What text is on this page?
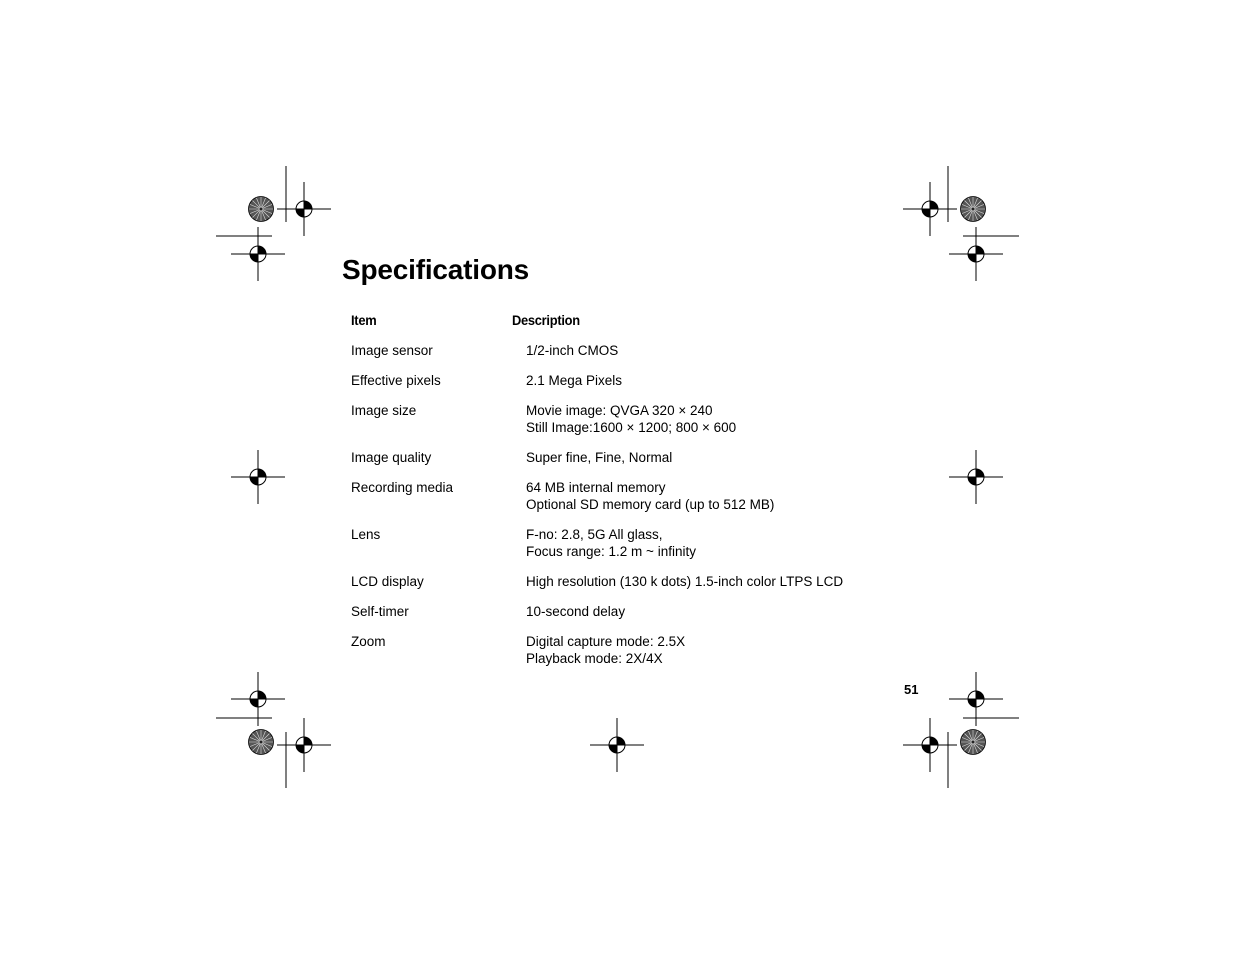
Specifications
Item	Description
Image sensor	1/2-inch CMOS
Effective pixels	2.1 Mega Pixels
Image size	Movie image: QVGA 320 × 240
Still Image:1600 × 1200; 800 × 600
Image quality	Super fine, Fine, Normal
Recording media	64 MB internal memory
Optional SD memory card (up to 512 MB)
Lens	F-no: 2.8, 5G All glass,
Focus range: 1.2 m ~ infinity
LCD display	High resolution (130 k dots) 1.5-inch color LTPS LCD
Self-timer	10-second delay
Zoom	Digital capture mode: 2.5X
Playback mode: 2X/4X
51
